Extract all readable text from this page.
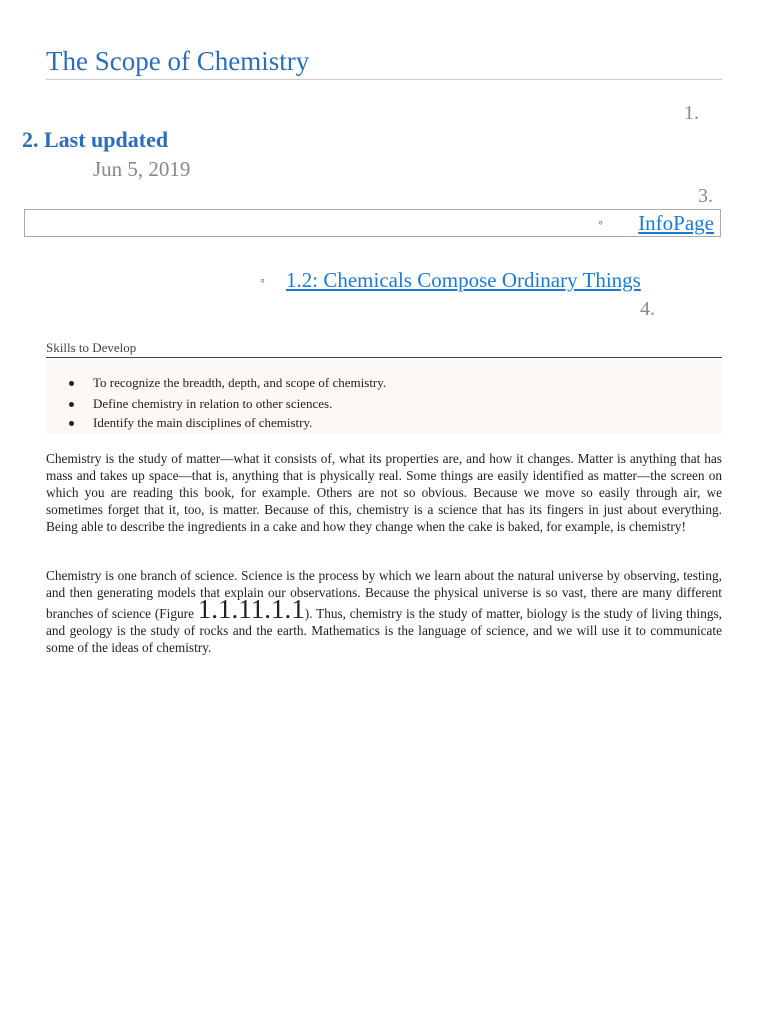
The Scope of Chemistry
1.
2. Last updated
Jun 5, 2019
3.
◦ InfoPage
◦ 1.2: Chemicals Compose Ordinary Things
4.
Skills to Develop
To recognize the breadth, depth, and scope of chemistry.
Define chemistry in relation to other sciences.
Identify the main disciplines of chemistry.

Chemistry is the study of matter—what it consists of, what its properties are, and how it changes. Matter is anything that has mass and takes up space—that is, anything that is physically real. Some things are easily identified as matter—the screen on which you are reading this book, for example. Others are not so obvious. Because we move so easily through air, we sometimes forget that it, too, is matter. Because of this, chemistry is a science that has its fingers in just about everything. Being able to describe the ingredients in a cake and how they change when the cake is baked, for example, is chemistry!

Chemistry is one branch of science. Science is the process by which we learn about the natural universe by observing, testing, and then generating models that explain our observations. Because the physical universe is so vast, there are many different branches of science (Figure 1.1.11.1.1). Thus, chemistry is the study of matter, biology is the study of living things, and geology is the study of rocks and the earth. Mathematics is the language of science, and we will use it to communicate some of the ideas of chemistry.
